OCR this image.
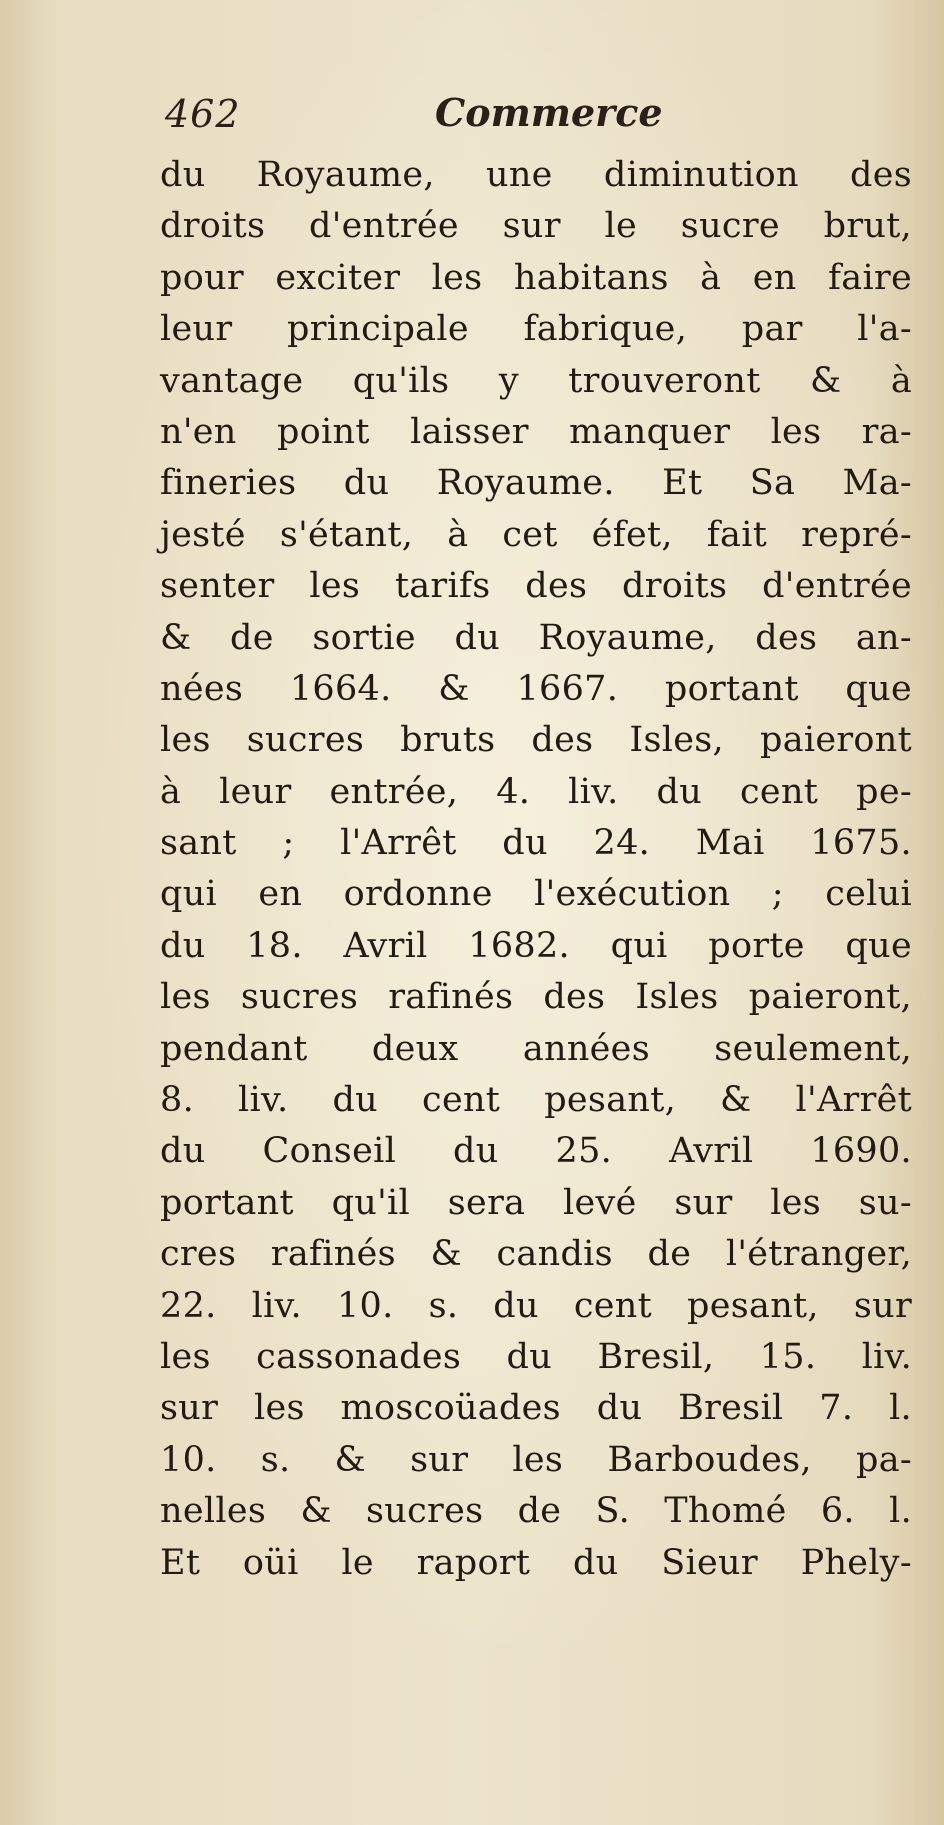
462	Commerce
du Royaume, une diminution des
droits d'entrée sur le sucre brut,
pour exciter les habitans à en faire
leur principale fabrique, par l'a-
vantage qu'ils y trouveront & à
n'en point laisser manquer les ra-
fineries du Royaume. Et Sa Ma-
jesté s'étant, à cet éfet, fait repré-
senter les tarifs des droits d'entrée
& de sortie du Royaume, des an-
nées 1664. & 1667. portant que
les sucres bruts des Isles, paieront
à leur entrée, 4. liv. du cent pe-
sant ; l'Arrêt du 24. Mai 1675.
qui en ordonne l'exécution ; celui
du 18. Avril 1682. qui porte que
les sucres rafinés des Isles paieront,
pendant deux années seulement,
8. liv. du cent pesant, & l'Arrêt
du Conseil du 25. Avril 1690.
portant qu'il sera levé sur les su-
cres rafinés & candis de l'étranger,
22. liv. 10. s. du cent pesant, sur
les cassonades du Bresil, 15. liv.
sur les moscoüades du Bresil 7. l.
10. s. & sur les Barboudes, pa-
nelles & sucres de S. Thomé 6. l.
Et oüi le raport du Sieur Phely-
